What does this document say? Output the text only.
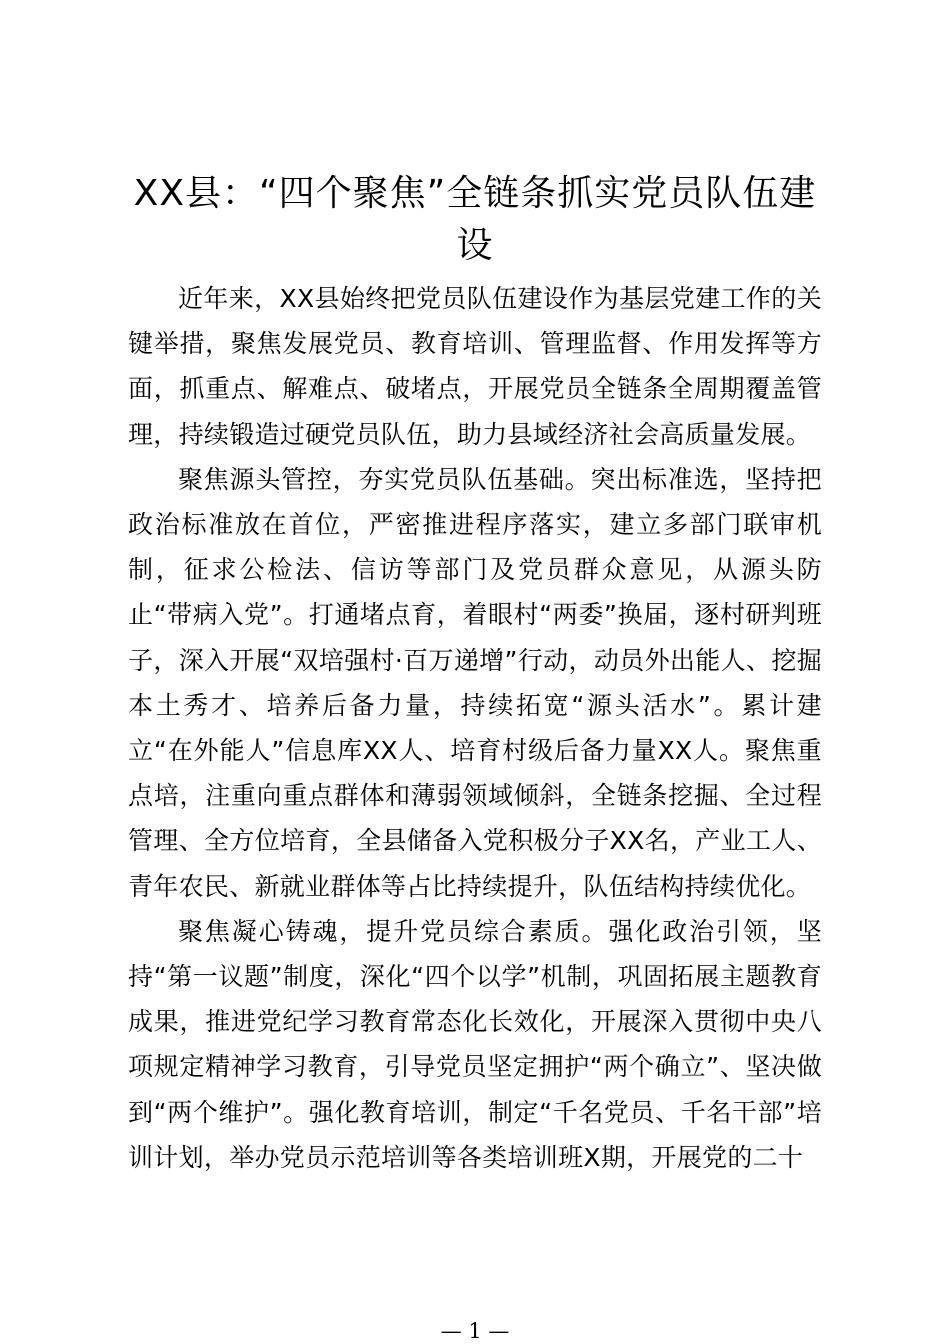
XX县：“四个聚焦”全链条抓实党员队伍建设

近年来，XX县始终把党员队伍建设作为基层党建工作的关键举措，聚焦发展党员、教育培训、管理监督、作用发挥等方面，抓重点、解难点、破堵点，开展党员全链条全周期覆盖管理，持续锻造过硬党员队伍，助力县域经济社会高质量发展。

聚焦源头管控，夯实党员队伍基础。突出标准选，坚持把政治标准放在首位，严密推进程序落实，建立多部门联审机制，征求公检法、信访等部门及党员群众意见，从源头防止“带病入党”。打通堵点育，着眼村“两委”换届，逐村研判班子，深入开展“双培强村·百万递增”行动，动员外出能人、挖掘本土秀才、培养后备力量，持续拓宽“源头活水”。累计建立“在外能人”信息库XX人、培育村级后备力量XX人。聚焦重点培，注重向重点群体和薄弱领域倾斜，全链条挖掘、全过程管理、全方位培育，全县储备入党积极分子XX名，产业工人、青年农民、新就业群体等占比持续提升，队伍结构持续优化。

聚焦凝心铸魂，提升党员综合素质。强化政治引领，坚持“第一议题”制度，深化“四个以学”机制，巩固拓展主题教育成果，推进党纪学习教育常态化长效化，开展深入贯彻中央八项规定精神学习教育，引导党员坚定拥护“两个确立”、坚决做到“两个维护”。强化教育培训，制定“千名党员、千名干部”培训计划，举办党员示范培训等各类培训班X期，开展党的二十

— 1 —
